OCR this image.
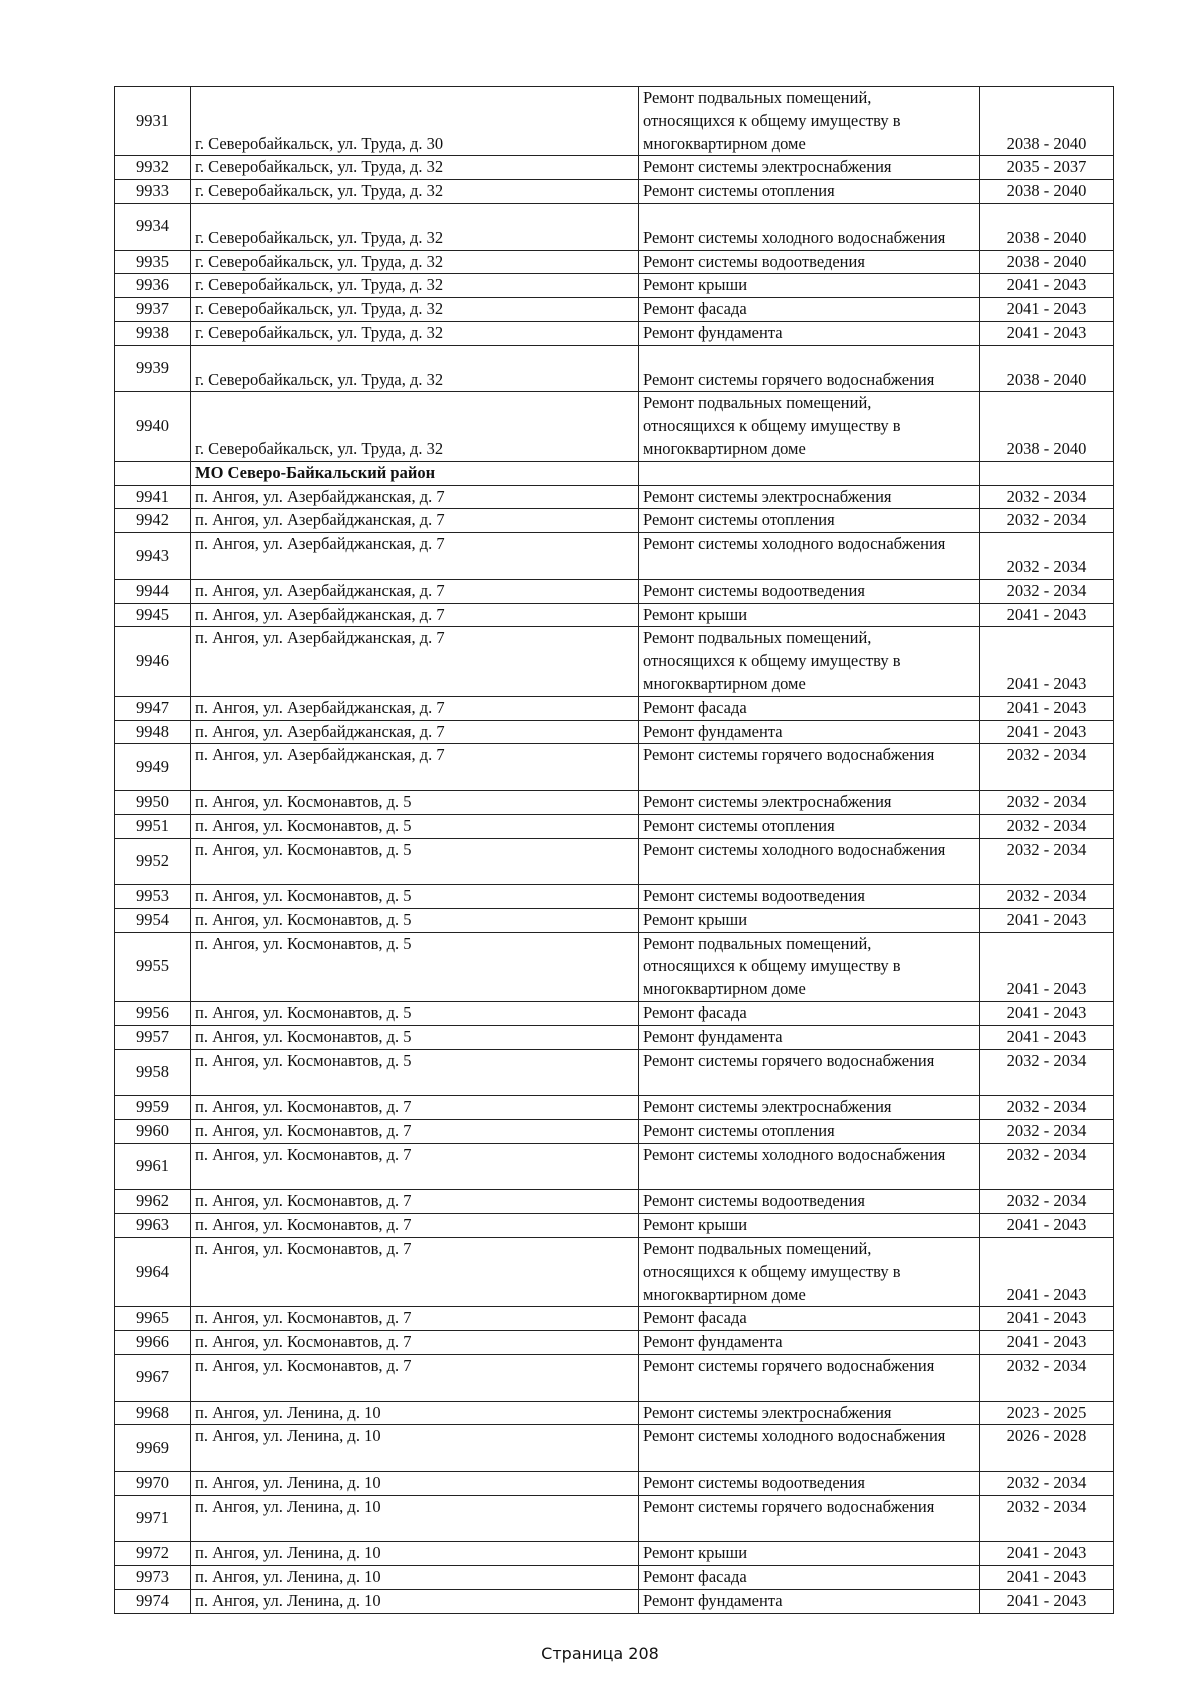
9931	г. Северобайкальск, ул. Труда, д. 30	Ремонт подвальных помещений,
относящихся к общему имуществу в
многоквартирном доме	2038 - 2040
9932	г. Северобайкальск, ул. Труда, д. 32	Ремонт системы электроснабжения	2035 - 2037
9933	г. Северобайкальск, ул. Труда, д. 32	Ремонт системы отопления	2038 - 2040
9934	г. Северобайкальск, ул. Труда, д. 32	Ремонт системы холодного водоснабжения	2038 - 2040
9935	г. Северобайкальск, ул. Труда, д. 32	Ремонт системы водоотведения	2038 - 2040
9936	г. Северобайкальск, ул. Труда, д. 32	Ремонт крыши	2041 - 2043
9937	г. Северобайкальск, ул. Труда, д. 32	Ремонт фасада	2041 - 2043
9938	г. Северобайкальск, ул. Труда, д. 32	Ремонт фундамента	2041 - 2043
9939	г. Северобайкальск, ул. Труда, д. 32	Ремонт системы горячего водоснабжения	2038 - 2040
9940	г. Северобайкальск, ул. Труда, д. 32	Ремонт подвальных помещений,
относящихся к общему имуществу в
многоквартирном доме	2038 - 2040
	МО Северо-Байкальский район		
9941	п. Ангоя, ул. Азербайджанская, д. 7	Ремонт системы электроснабжения	2032 - 2034
9942	п. Ангоя, ул. Азербайджанская, д. 7	Ремонт системы отопления	2032 - 2034
9943	п. Ангоя, ул. Азербайджанская, д. 7	Ремонт системы холодного водоснабжения	2032 - 2034
9944	п. Ангоя, ул. Азербайджанская, д. 7	Ремонт системы водоотведения	2032 - 2034
9945	п. Ангоя, ул. Азербайджанская, д. 7	Ремонт крыши	2041 - 2043
9946	п. Ангоя, ул. Азербайджанская, д. 7	Ремонт подвальных помещений,
относящихся к общему имуществу в
многоквартирном доме	2041 - 2043
9947	п. Ангоя, ул. Азербайджанская, д. 7	Ремонт фасада	2041 - 2043
9948	п. Ангоя, ул. Азербайджанская, д. 7	Ремонт фундамента	2041 - 2043
9949	п. Ангоя, ул. Азербайджанская, д. 7	Ремонт системы горячего водоснабжения	2032 - 2034
9950	п. Ангоя, ул. Космонавтов, д. 5	Ремонт системы электроснабжения	2032 - 2034
9951	п. Ангоя, ул. Космонавтов, д. 5	Ремонт системы отопления	2032 - 2034
9952	п. Ангоя, ул. Космонавтов, д. 5	Ремонт системы холодного водоснабжения	2032 - 2034
9953	п. Ангоя, ул. Космонавтов, д. 5	Ремонт системы водоотведения	2032 - 2034
9954	п. Ангоя, ул. Космонавтов, д. 5	Ремонт крыши	2041 - 2043
9955	п. Ангоя, ул. Космонавтов, д. 5	Ремонт подвальных помещений,
относящихся к общему имуществу в
многоквартирном доме	2041 - 2043
9956	п. Ангоя, ул. Космонавтов, д. 5	Ремонт фасада	2041 - 2043
9957	п. Ангоя, ул. Космонавтов, д. 5	Ремонт фундамента	2041 - 2043
9958	п. Ангоя, ул. Космонавтов, д. 5	Ремонт системы горячего водоснабжения	2032 - 2034
9959	п. Ангоя, ул. Космонавтов, д. 7	Ремонт системы электроснабжения	2032 - 2034
9960	п. Ангоя, ул. Космонавтов, д. 7	Ремонт системы отопления	2032 - 2034
9961	п. Ангоя, ул. Космонавтов, д. 7	Ремонт системы холодного водоснабжения	2032 - 2034
9962	п. Ангоя, ул. Космонавтов, д. 7	Ремонт системы водоотведения	2032 - 2034
9963	п. Ангоя, ул. Космонавтов, д. 7	Ремонт крыши	2041 - 2043
9964	п. Ангоя, ул. Космонавтов, д. 7	Ремонт подвальных помещений,
относящихся к общему имуществу в
многоквартирном доме	2041 - 2043
9965	п. Ангоя, ул. Космонавтов, д. 7	Ремонт фасада	2041 - 2043
9966	п. Ангоя, ул. Космонавтов, д. 7	Ремонт фундамента	2041 - 2043
9967	п. Ангоя, ул. Космонавтов, д. 7	Ремонт системы горячего водоснабжения	2032 - 2034
9968	п. Ангоя, ул. Ленина, д. 10	Ремонт системы электроснабжения	2023 - 2025
9969	п. Ангоя, ул. Ленина, д. 10	Ремонт системы холодного водоснабжения	2026 - 2028
9970	п. Ангоя, ул. Ленина, д. 10	Ремонт системы водоотведения	2032 - 2034
9971	п. Ангоя, ул. Ленина, д. 10	Ремонт системы горячего водоснабжения	2032 - 2034
9972	п. Ангоя, ул. Ленина, д. 10	Ремонт крыши	2041 - 2043
9973	п. Ангоя, ул. Ленина, д. 10	Ремонт фасада	2041 - 2043
9974	п. Ангоя, ул. Ленина, д. 10	Ремонт фундамента	2041 - 2043
Страница 208
